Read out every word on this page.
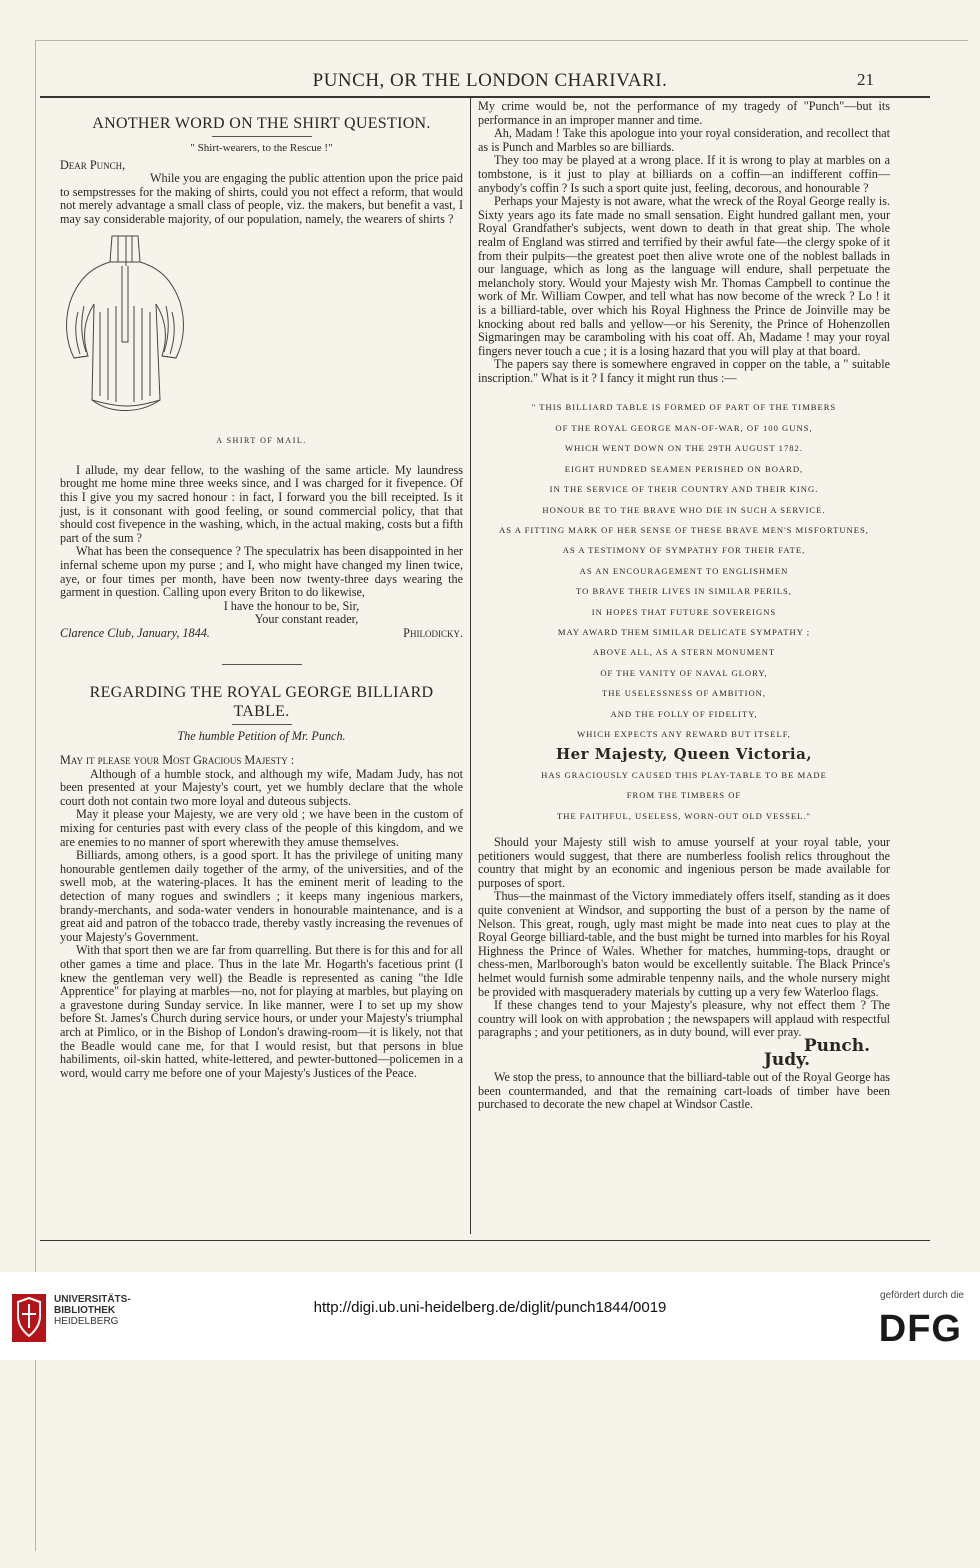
PUNCH, OR THE LONDON CHARIVARI.	21
ANOTHER WORD ON THE SHIRT QUESTION.

" Shirt-wearers, to the Rescue !"

Dear Punch,

While you are engaging the public attention upon the price paid to sempstresses for the making of shirts, could you not effect a reform, that would not merely advantage a small class of people, viz. the makers, but benefit a vast, I may say considerable majority, of our population, namely, the wearers of shirts ?

A SHIRT OF MAIL.

I allude, my dear fellow, to the washing of the same article. My laundress brought me home mine three weeks since, and I was charged for it fivepence. Of this I give you my sacred honour : in fact, I forward you the bill receipted. Is it just, is it consonant with good feeling, or sound commercial policy, that that should cost fivepence in the washing, which, in the actual making, costs but a fifth part of the sum ?

What has been the consequence ? The speculatrix has been disappointed in her infernal scheme upon my purse ; and I, who might have changed my linen twice, aye, or four times per month, have been now twenty-three days wearing the garment in question. Calling upon every Briton to do likewise,

I have the honour to be, Sir,

Your constant reader,

Clarence Club, January, 1844.	Philodicky.
REGARDING THE ROYAL GEORGE BILLIARD
TABLE.

The humble Petition of Mr. Punch.

May it please your Most Gracious Majesty :

Although of a humble stock, and although my wife, Madam Judy, has not been presented at your Majesty's court, yet we humbly declare that the whole court doth not contain two more loyal and duteous subjects.

May it please your Majesty, we are very old ; we have been in the custom of mixing for centuries past with every class of the people of this kingdom, and we are enemies to no manner of sport wherewith they amuse themselves.

Billiards, among others, is a good sport. It has the privilege of uniting many honourable gentlemen daily together of the army, of the universities, and of the swell mob, at the watering-places. It has the eminent merit of leading to the detection of many rogues and swindlers ; it keeps many ingenious markers, brandy-merchants, and soda-water venders in honourable maintenance, and is a great aid and patron of the tobacco trade, thereby vastly increasing the revenues of your Majesty's Government.

With that sport then we are far from quarrelling. But there is for this and for all other games a time and place. Thus in the late Mr. Hogarth's facetious print (I knew the gentleman very well) the Beadle is represented as caning "the Idle Apprentice" for playing at marbles—no, not for playing at marbles, but playing on a gravestone during Sunday service. In like manner, were I to set up my show before St. James's Church during service hours, or under your Majesty's triumphal arch at Pimlico, or in the Bishop of London's drawing-room—it is likely, not that the Beadle would cane me, for that I would resist, but that persons in blue habiliments, oil-skin hatted, white-lettered, and pewter-buttoned—policemen in a word, would carry me before one of your Majesty's Justices of the Peace.

My crime would be, not the performance of my tragedy of "Punch"—but its performance in an improper manner and time.

Ah, Madam ! Take this apologue into your royal consideration, and recollect that as is Punch and Marbles so are billiards.

They too may be played at a wrong place. If it is wrong to play at marbles on a tombstone, is it just to play at billiards on a coffin—an indifferent coffin—anybody's coffin ? Is such a sport quite just, feeling, decorous, and honourable ?

Perhaps your Majesty is not aware, what the wreck of the Royal George really is. Sixty years ago its fate made no small sensation. Eight hundred gallant men, your Royal Grandfather's subjects, went down to death in that great ship. The whole realm of England was stirred and terrified by their awful fate—the clergy spoke of it from their pulpits—the greatest poet then alive wrote one of the noblest ballads in our language, which as long as the language will endure, shall perpetuate the melancholy story. Would your Majesty wish Mr. Thomas Campbell to continue the work of Mr. William Cowper, and tell what has now become of the wreck ? Lo ! it is a billiard-table, over which his Royal Highness the Prince de Joinville may be knocking about red balls and yellow—or his Serenity, the Prince of Hohenzollen Sigmaringen may be caramboling with his coat off. Ah, Madame ! may your royal fingers never touch a cue ; it is a losing hazard that you will play at that board.

The papers say there is somewhere engraved in copper on the table, a " suitable inscription." What is it ? I fancy it might run thus :—

" THIS BILLIARD TABLE IS FORMED OF PART OF THE TIMBERS
OF THE ROYAL GEORGE MAN-OF-WAR, OF 100 GUNS,
WHICH WENT DOWN ON THE 29TH AUGUST 1782.
EIGHT HUNDRED SEAMEN PERISHED ON BOARD,
IN THE SERVICE OF THEIR COUNTRY AND THEIR KING.
HONOUR BE TO THE BRAVE WHO DIE IN SUCH A SERVICE.
AS A FITTING MARK OF HER SENSE OF THESE BRAVE MEN'S MISFORTUNES,
AS A TESTIMONY OF SYMPATHY FOR THEIR FATE,
AS AN ENCOURAGEMENT TO ENGLISHMEN
TO BRAVE THEIR LIVES IN SIMILAR PERILS,
IN HOPES THAT FUTURE SOVEREIGNS
MAY AWARD THEM SIMILAR DELICATE SYMPATHY ;
ABOVE ALL, AS A STERN MONUMENT
OF THE VANITY OF NAVAL GLORY,
THE USELESSNESS OF AMBITION,
AND THE FOLLY OF FIDELITY,
WHICH EXPECTS ANY REWARD BUT ITSELF,
Her Majesty, Queen Victoria,
HAS GRACIOUSLY CAUSED THIS PLAY-TABLE TO BE MADE
FROM THE TIMBERS OF
THE FAITHFUL, USELESS, WORN-OUT OLD VESSEL."

Should your Majesty still wish to amuse yourself at your royal table, your petitioners would suggest, that there are numberless foolish relics throughout the country that might by an economic and ingenious person be made available for purposes of sport.

Thus—the mainmast of the Victory immediately offers itself, standing as it does quite convenient at Windsor, and supporting the bust of a person by the name of Nelson. This great, rough, ugly mast might be made into neat cues to play at the Royal George billiard-table, and the bust might be turned into marbles for his Royal Highness the Prince of Wales. Whether for matches, humming-tops, draught or chess-men, Marlborough's baton would be excellently suitable. The Black Prince's helmet would furnish some admirable tenpenny nails, and the whole nursery might be provided with masqueradery materials by cutting up a very few Waterloo flags.

If these changes tend to your Majesty's pleasure, why not effect them ? The country will look on with approbation ; the newspapers will applaud with respectful paragraphs ; and your petitioners, as in duty bound, will ever pray.

Punch.
Judy.

We stop the press, to announce that the billiard-table out of the Royal George has been countermanded, and that the remaining cart-loads of timber have been purchased to decorate the new chapel at Windsor Castle.

UNIVERSITÄTS-
BIBLIOTHEK
HEIDELBERG
http://digi.ub.uni-heidelberg.de/diglit/punch1844/0019
gefördert durch die
DFG
